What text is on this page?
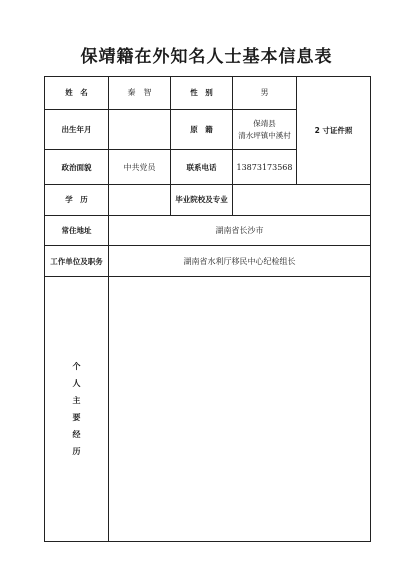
保靖籍在外知名人士基本信息表
姓　名	秦　智	性　别	男	2 寸证件照
出生年月		原　籍	保靖县
清水坪镇中溪村	

政治面貌	中共党员	联系电话	13873173568	
学　历		毕业院校及专业		
常住地址	湖南省长沙市			
工作单位及职务	湖南省水利厅移民中心纪检组长			
个人主要经历				
